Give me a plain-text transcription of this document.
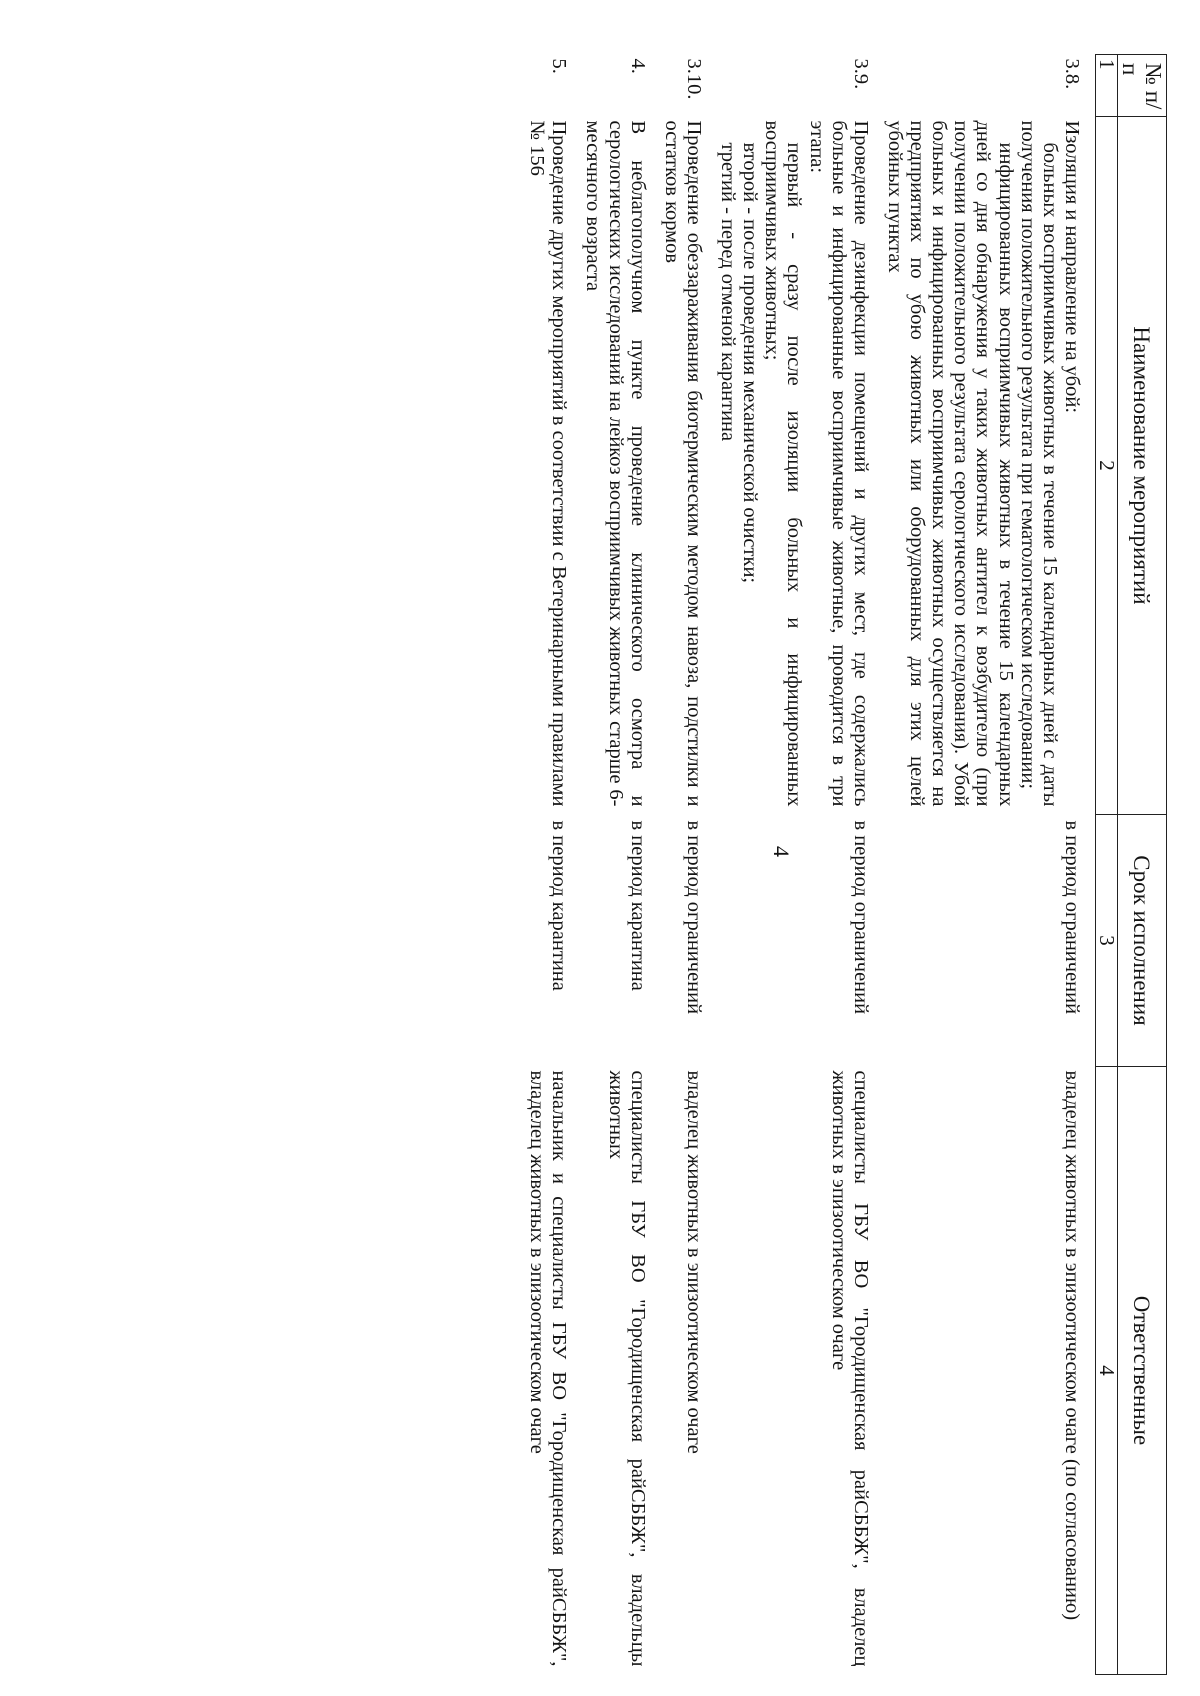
4
№ п/п	Наименование мероприятий	Срок исполнения	Ответственные
1	2	3	4
3.8.	Изоляция и направление на убой:

больных восприимчивых животных в течение 15 календарных дней с даты получения положительного результата при гематологическом исследовании;

инфицированных восприимчивых животных в течение 15 календарных дней со дня обнаружения у таких животных антител к возбудителю (при получении положительного результата серологического исследования). Убой больных и инфицированных восприимчивых животных осуществляется на предприятиях по убою животных или оборудованных для этих целей убойных пунктах	в период ограничений	владелец животных в эпизоотическом очаге (по согласованию)
3.9.	Проведение дезинфекции помещений и других мест, где содержались больные и инфицированные восприимчивые животные, проводится в три этапа:

первый - сразу после изоляции больных и инфицированных восприимчивых животных;

второй - после проведения механической очистки;

третий - перед отменой карантина	в период ограничений	специалисты ГБУ ВО "Городищенская райСББЖ", владелец животных в эпизоотическом очаге
3.10.	Проведение обеззараживания биотермическим методом навоза, подстилки и остатков кормов	в период ограничений	владелец животных в эпизоотическом очаге
4.	В неблагополучном пункте проведение клинического осмотра и серологических исследований на лейкоз восприимчивых животных старше 6-месячного возраста	в период карантина	специалисты ГБУ ВО "Городищенская райСББЖ", владельцы животных
5.	Проведение других мероприятий в соответствии с Ветеринарными правилами № 156	в период карантина	начальник и специалисты ГБУ ВО "Городищенская райСББЖ", владелец животных в эпизоотическом очаге
